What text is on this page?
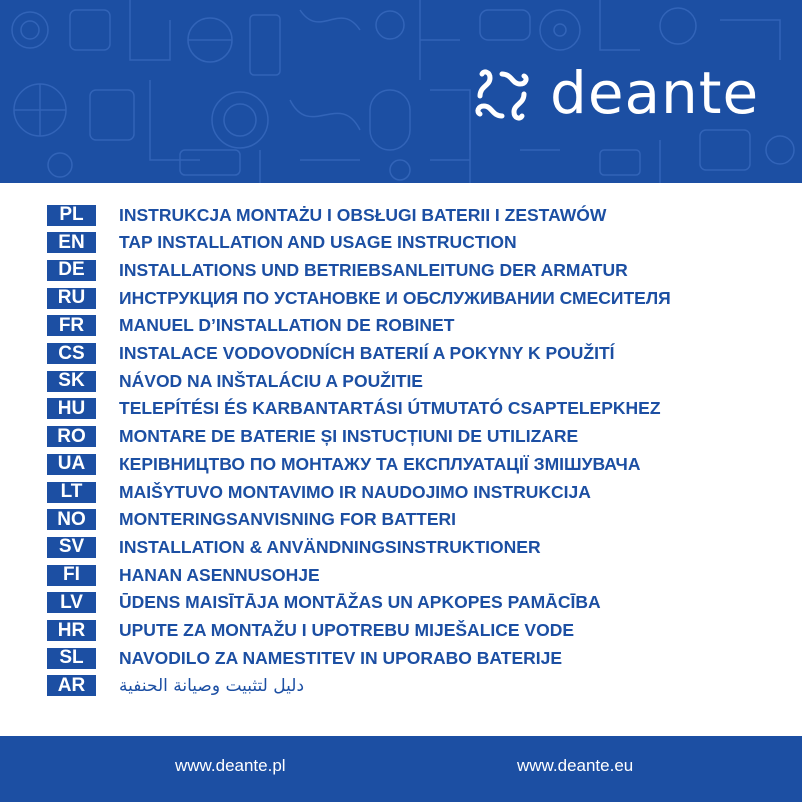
deante
PL	INSTRUKCJA MONTAŻU I OBSŁUGI BATERII I ZESTAWÓW
EN	TAP INSTALLATION AND USAGE INSTRUCTION
DE	INSTALLATIONS UND BETRIEBSANLEITUNG DER ARMATUR
RU	ИНСТРУКЦИЯ ПО УСТАНОВКЕ И ОБСЛУЖИВАНИИ СМЕСИТЕЛЯ
FR	MANUEL D’INSTALLATION DE ROBINET
CS	INSTALACE VODOVODNÍCH BATERIÍ A POKYNY K POUŽITÍ
SK	NÁVOD NA INŠTALÁCIU A POUŽITIE
HU	TELEPÍTÉSI ÉS KARBANTARTÁSI ÚTMUTATÓ CSAPTELEPKHEZ
RO	MONTARE DE BATERIE ȘI INSTUCȚIUNI DE UTILIZARE
UA	КЕРІВНИЦТВО ПО МОНТАЖУ ТА ЕКСПЛУАТАЦІЇ ЗМІШУВАЧА
LT	MAIŠYTUVO MONTAVIMO IR NAUDOJIMO INSTRUKCIJA
NO	MONTERINGSANVISNING FOR BATTERI
SV	INSTALLATION & ANVÄNDNINGSINSTRUKTIONER
FI	HANAN ASENNUSOHJE
LV	ŪDENS MAISĪTĀJA MONTĀŽAS UN APKOPES PAMĀCĪBA
HR	UPUTE ZA MONTAŽU I UPOTREBU MIJEŠALICE VODE
SL	NAVODILO ZA NAMESTITEV IN UPORABO BATERIJE
AR	دليل لتثبيت وصيانة الحنفية
www.deante.pl	www.deante.eu
